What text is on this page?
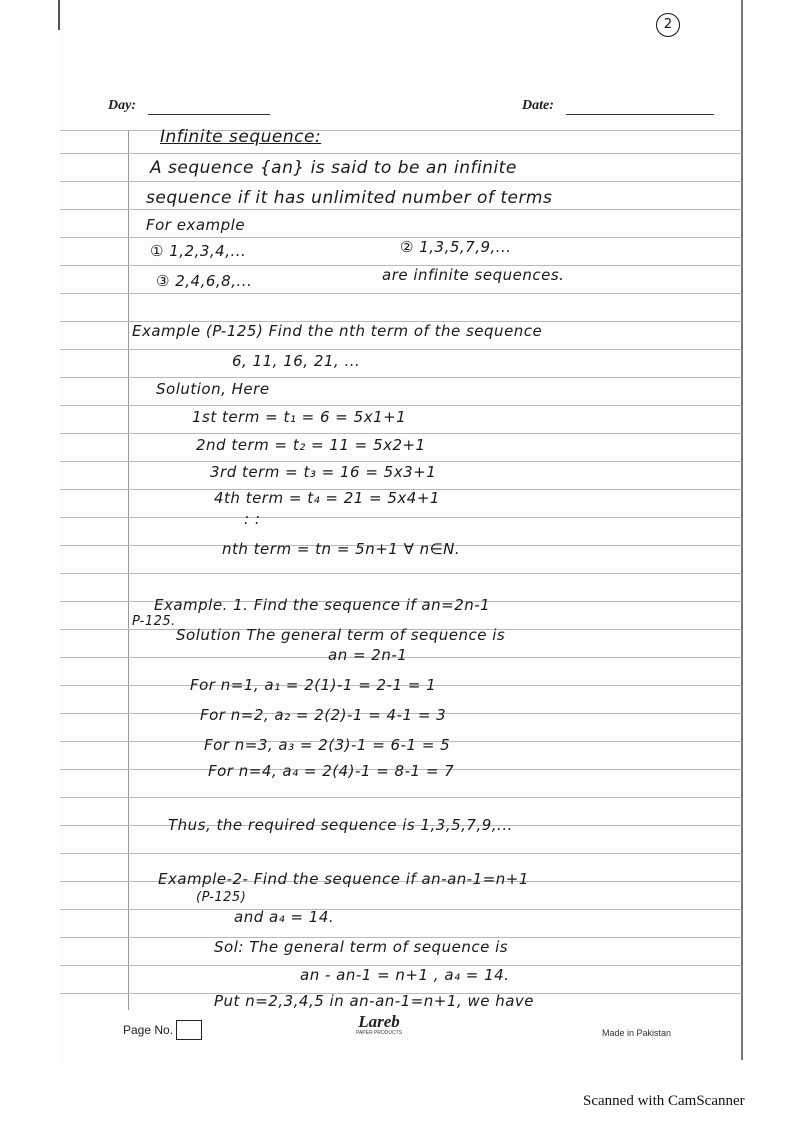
2
Day:	Date:
Infinite sequence:
A sequence {an} is said to be an infinite
sequence if it has unlimited number of terms
For example
① 1,2,3,4,...	② 1,3,5,7,9,...
③ 2,4,6,8,...	are infinite sequences.
Example (P-125) Find the nth term of the sequence
6, 11, 16, 21, ...
Solution, Here
1st term = t₁ = 6 = 5x1+1
2nd term = t₂ = 11 = 5x2+1
3rd term = t₃ = 16 = 5x3+1
4th term = t₄ = 21 = 5x4+1
: :
nth term = tn = 5n+1 ∀ n∈N.
Example. 1. Find the sequence if an=2n-1
P-125.
Solution The general term of sequence is
an = 2n-1
For n=1, a₁ = 2(1)-1 = 2-1 = 1
For n=2, a₂ = 2(2)-1 = 4-1 = 3
For n=3, a₃ = 2(3)-1 = 6-1 = 5
For n=4, a₄ = 2(4)-1 = 8-1 = 7
Thus, the required sequence is 1,3,5,7,9,...
Example-2- Find the sequence if an-an-1=n+1
(P-125)
and a₄ = 14.
Sol: The general term of sequence is
an - an-1 = n+1 , a₄ = 14.
Put n=2,3,4,5 in an-an-1=n+1, we have
Page No.	Lareb
PAPER PRODUCTS	Made in Pakistan
Scanned with CamScanner
